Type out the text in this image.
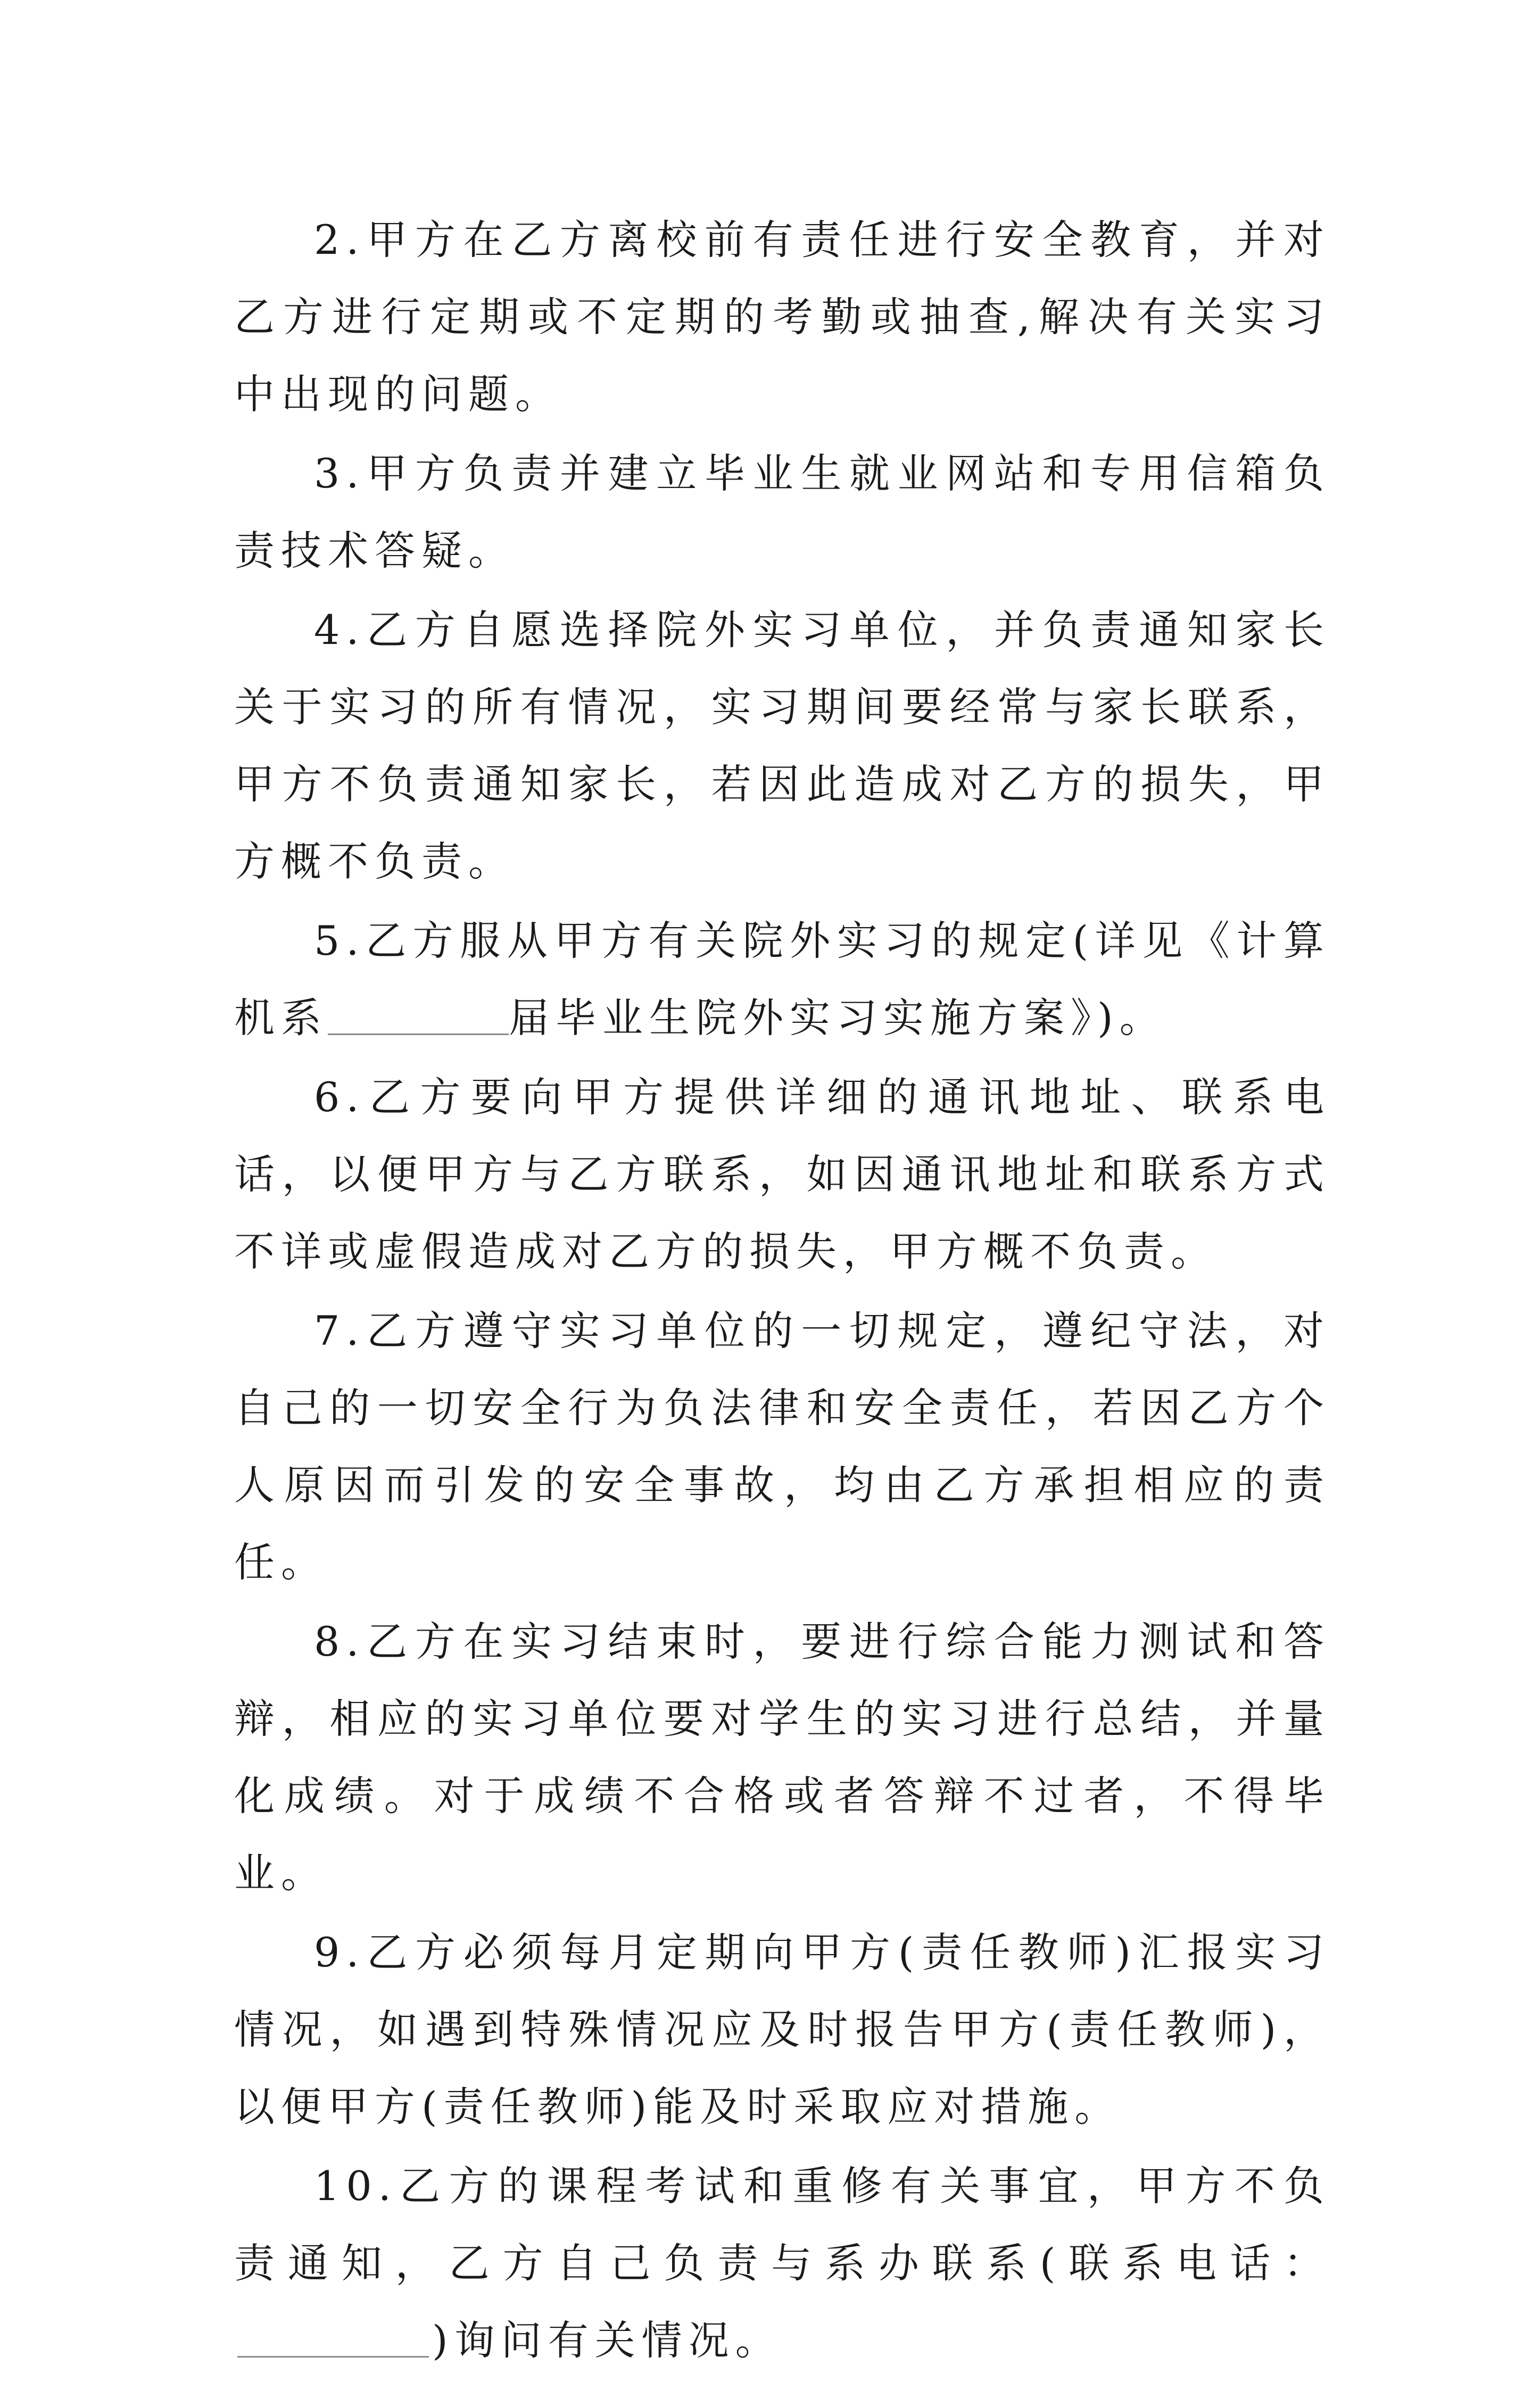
2.甲方在乙方离校前有责任进行安全教育，并对乙方进行定期或不定期的考勤或抽查,解决有关实习中出现的问题。

3.甲方负责并建立毕业生就业网站和专用信箱负责技术答疑。

4.乙方自愿选择院外实习单位，并负责通知家长关于实习的所有情况，实习期间要经常与家长联系，甲方不负责通知家长，若因此造成对乙方的损失，甲方概不负责。

5.乙方服从甲方有关院外实习的规定(详见《计算机系	届毕业生院外实习实施方案》)。

6.乙方要向甲方提供详细的通讯地址、联系电话，以便甲方与乙方联系，如因通讯地址和联系方式不详或虚假造成对乙方的损失，甲方概不负责。

7.乙方遵守实习单位的一切规定，遵纪守法，对自己的一切安全行为负法律和安全责任，若因乙方个人原因而引发的安全事故，均由乙方承担相应的责任。

8.乙方在实习结束时，要进行综合能力测试和答辩，相应的实习单位要对学生的实习进行总结，并量化成绩。对于成绩不合格或者答辩不过者，不得毕业。

9.乙方必须每月定期向甲方(责任教师)汇报实习情况，如遇到特殊情况应及时报告甲方(责任教师)，以便甲方(责任教师)能及时采取应对措施。

10.乙方的课程考试和重修有关事宜，甲方不负责通知，乙方自己负责与系办联系(联系电话：)询问有关情况。
